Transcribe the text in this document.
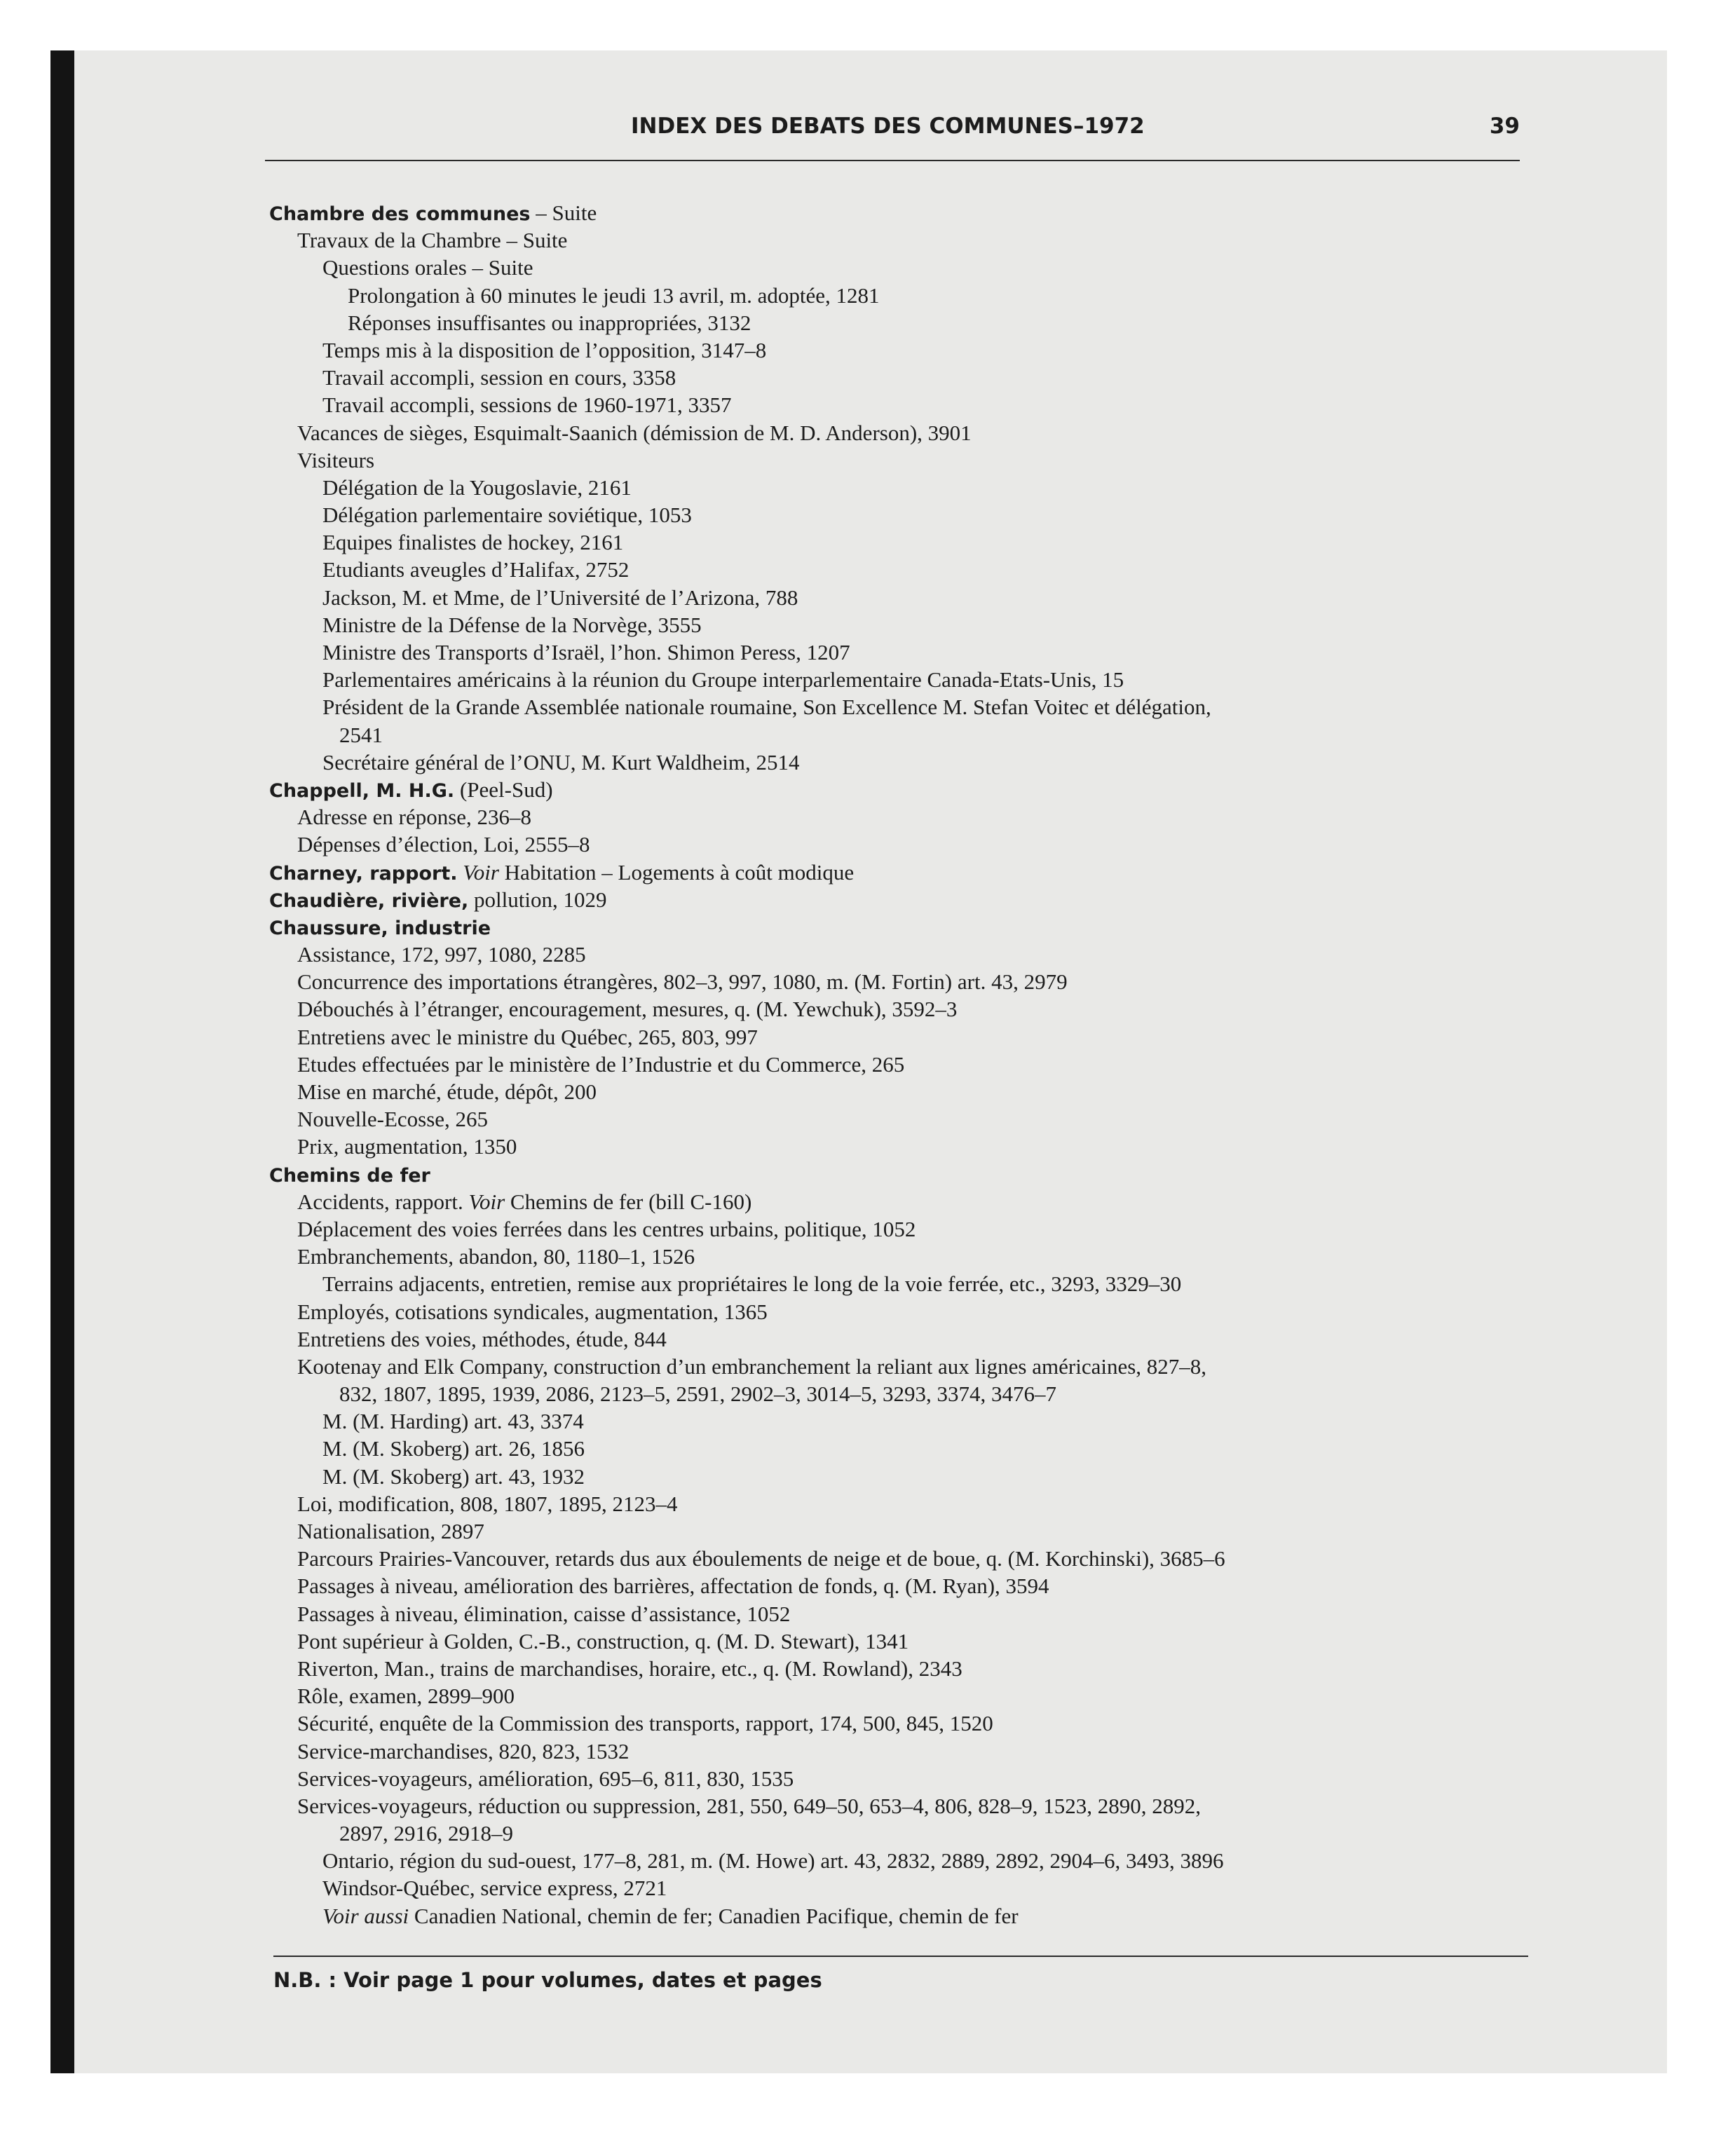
INDEX DES DEBATS DES COMMUNES–1972	39
Chambre des communes – Suite
Travaux de la Chambre – Suite
Questions orales – Suite
Prolongation à 60 minutes le jeudi 13 avril, m. adoptée, 1281
Réponses insuffisantes ou inappropriées, 3132
Temps mis à la disposition de l’opposition, 3147–8
Travail accompli, session en cours, 3358
Travail accompli, sessions de 1960-1971, 3357
Vacances de sièges, Esquimalt-Saanich (démission de M. D. Anderson), 3901
Visiteurs
Délégation de la Yougoslavie, 2161
Délégation parlementaire soviétique, 1053
Equipes finalistes de hockey, 2161
Etudiants aveugles d’Halifax, 2752
Jackson, M. et Mme, de l’Université de l’Arizona, 788
Ministre de la Défense de la Norvège, 3555
Ministre des Transports d’Israël, l’hon. Shimon Peress, 1207
Parlementaires américains à la réunion du Groupe interparlementaire Canada-Etats-Unis, 15
Président de la Grande Assemblée nationale roumaine, Son Excellence M. Stefan Voitec et délégation,
2541
Secrétaire général de l’ONU, M. Kurt Waldheim, 2514
Chappell, M. H.G. (Peel-Sud)
Adresse en réponse, 236–8
Dépenses d’élection, Loi, 2555–8
Charney, rapport. Voir Habitation – Logements à coût modique
Chaudière, rivière, pollution, 1029
Chaussure, industrie
Assistance, 172, 997, 1080, 2285
Concurrence des importations étrangères, 802–3, 997, 1080, m. (M. Fortin) art. 43, 2979
Débouchés à l’étranger, encouragement, mesures, q. (M. Yewchuk), 3592–3
Entretiens avec le ministre du Québec, 265, 803, 997
Etudes effectuées par le ministère de l’Industrie et du Commerce, 265
Mise en marché, étude, dépôt, 200
Nouvelle-Ecosse, 265
Prix, augmentation, 1350
Chemins de fer
Accidents, rapport. Voir Chemins de fer (bill C-160)
Déplacement des voies ferrées dans les centres urbains, politique, 1052
Embranchements, abandon, 80, 1180–1, 1526
Terrains adjacents, entretien, remise aux propriétaires le long de la voie ferrée, etc., 3293, 3329–30
Employés, cotisations syndicales, augmentation, 1365
Entretiens des voies, méthodes, étude, 844
Kootenay and Elk Company, construction d’un embranchement la reliant aux lignes américaines, 827–8,
832, 1807, 1895, 1939, 2086, 2123–5, 2591, 2902–3, 3014–5, 3293, 3374, 3476–7
M. (M. Harding) art. 43, 3374
M. (M. Skoberg) art. 26, 1856
M. (M. Skoberg) art. 43, 1932
Loi, modification, 808, 1807, 1895, 2123–4
Nationalisation, 2897
Parcours Prairies-Vancouver, retards dus aux éboulements de neige et de boue, q. (M. Korchinski), 3685–6
Passages à niveau, amélioration des barrières, affectation de fonds, q. (M. Ryan), 3594
Passages à niveau, élimination, caisse d’assistance, 1052
Pont supérieur à Golden, C.-B., construction, q. (M. D. Stewart), 1341
Riverton, Man., trains de marchandises, horaire, etc., q. (M. Rowland), 2343
Rôle, examen, 2899–900
Sécurité, enquête de la Commission des transports, rapport, 174, 500, 845, 1520
Service-marchandises, 820, 823, 1532
Services-voyageurs, amélioration, 695–6, 811, 830, 1535
Services-voyageurs, réduction ou suppression, 281, 550, 649–50, 653–4, 806, 828–9, 1523, 2890, 2892,
2897, 2916, 2918–9
Ontario, région du sud-ouest, 177–8, 281, m. (M. Howe) art. 43, 2832, 2889, 2892, 2904–6, 3493, 3896
Windsor-Québec, service express, 2721
Voir aussi Canadien National, chemin de fer; Canadien Pacifique, chemin de fer
N.B. : Voir page 1 pour volumes, dates et pages
